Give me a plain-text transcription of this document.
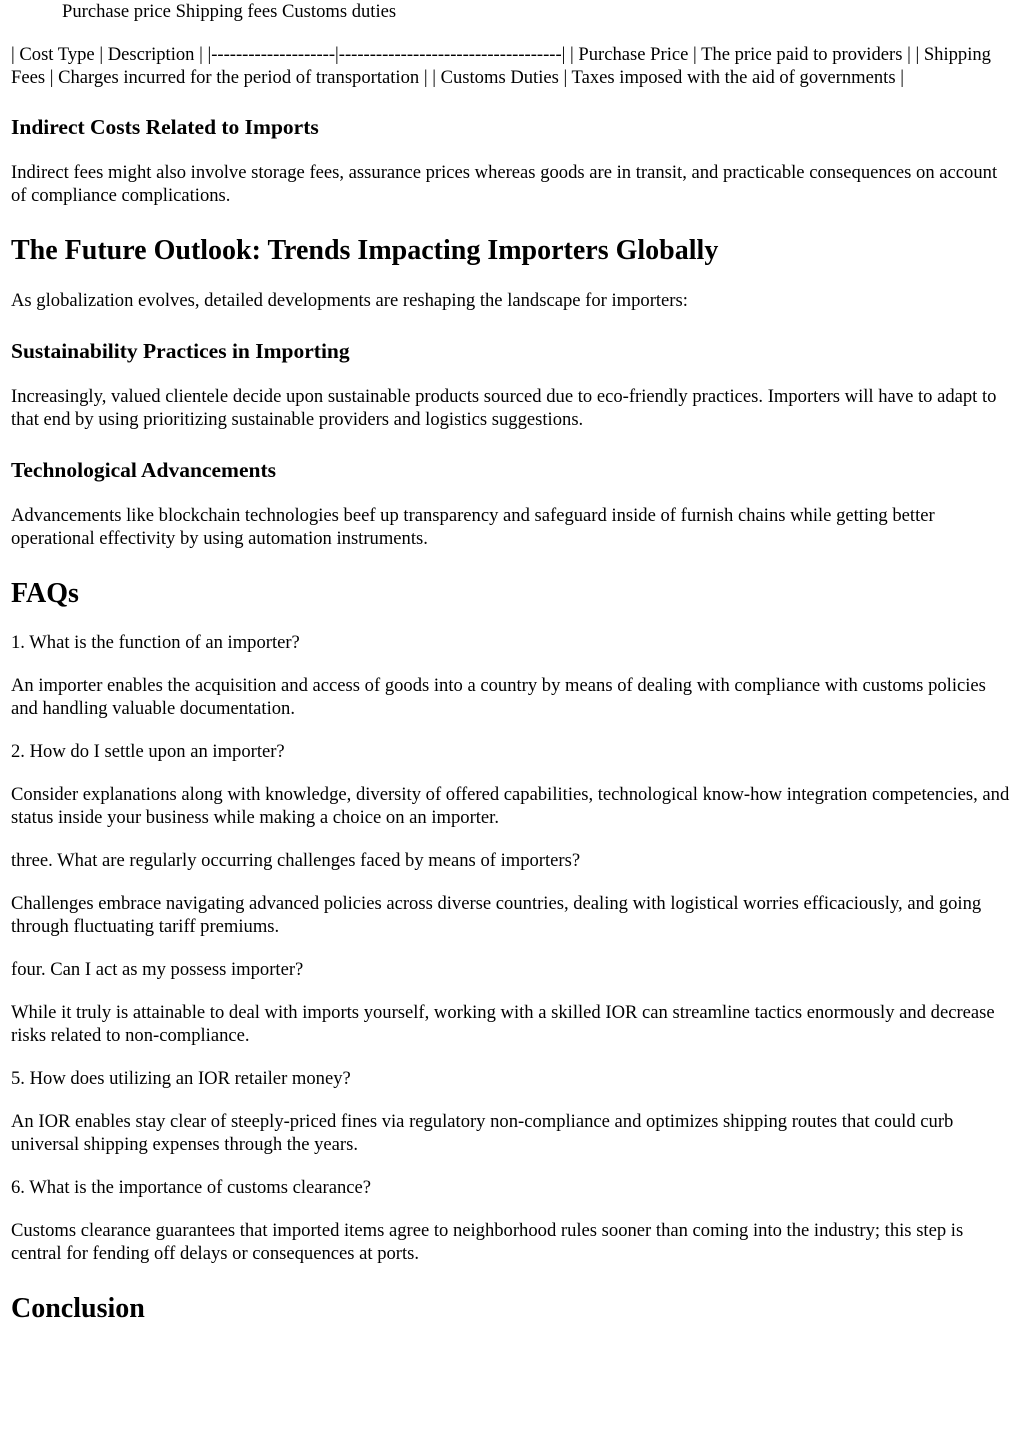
Purchase price Shipping fees Customs duties

| Cost Type | Description | |--------------------|------------------------------------| | Purchase Price | The price paid to providers | | Shipping Fees | Charges incurred for the period of transportation | | Customs Duties | Taxes imposed with the aid of governments |

Indirect Costs Related to Imports

Indirect fees might also involve storage fees, assurance prices whereas goods are in transit, and practicable consequences on account of compliance complications.

The Future Outlook: Trends Impacting Importers Globally

As globalization evolves, detailed developments are reshaping the landscape for importers:

Sustainability Practices in Importing

Increasingly, valued clientele decide upon sustainable products sourced due to eco-friendly practices. Importers will have to adapt to that end by using prioritizing sustainable providers and logistics suggestions.

Technological Advancements

Advancements like blockchain technologies beef up transparency and safeguard inside of furnish chains while getting better operational effectivity by using automation instruments.

FAQs

1. What is the function of an importer?

An importer enables the acquisition and access of goods into a country by means of dealing with compliance with customs policies and handling valuable documentation.

2. How do I settle upon an importer?

Consider explanations along with knowledge, diversity of offered capabilities, technological know-how integration competencies, and status inside your business while making a choice on an importer.

three. What are regularly occurring challenges faced by means of importers?

Challenges embrace navigating advanced policies across diverse countries, dealing with logistical worries efficaciously, and going through fluctuating tariff premiums.

four. Can I act as my possess importer?

While it truly is attainable to deal with imports yourself, working with a skilled IOR can streamline tactics enormously and decrease risks related to non-compliance.

5. How does utilizing an IOR retailer money?

An IOR enables stay clear of steeply-priced fines via regulatory non-compliance and optimizes shipping routes that could curb universal shipping expenses through the years.

6. What is the importance of customs clearance?

Customs clearance guarantees that imported items agree to neighborhood rules sooner than coming into the industry; this step is central for fending off delays or consequences at ports.

Conclusion
